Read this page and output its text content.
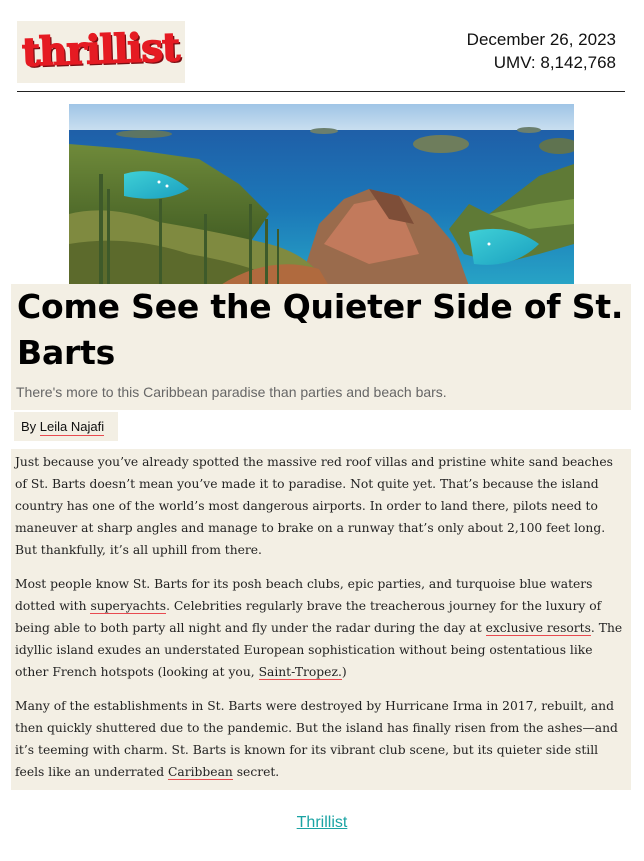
thrillist	December 26, 2023
UMV: 8,142,768
Come See the Quieter Side of St. Barts
There's more to this Caribbean paradise than parties and beach bars.
By Leila Najafi

Just because you’ve already spotted the massive red roof villas and pristine white sand beaches of St. Barts doesn’t mean you’ve made it to paradise. Not quite yet. That’s because the island country has one of the world’s most dangerous airports. In order to land there, pilots need to maneuver at sharp angles and manage to brake on a runway that’s only about 2,100 feet long. But thankfully, it’s all uphill from there.

Most people know St. Barts for its posh beach clubs, epic parties, and turquoise blue waters dotted with superyachts. Celebrities regularly brave the treacherous journey for the luxury of being able to both party all night and fly under the radar during the day at exclusive resorts. The idyllic island exudes an understated European sophistication without being ostentatious like other French hotspots (looking at you, Saint-Tropez.)

Many of the establishments in St. Barts were destroyed by Hurricane Irma in 2017, rebuilt, and then quickly shuttered due to the pandemic. But the island has finally risen from the ashes—and it’s teeming with charm. St. Barts is known for its vibrant club scene, but its quieter side still feels like an underrated Caribbean secret.

Thrillist
